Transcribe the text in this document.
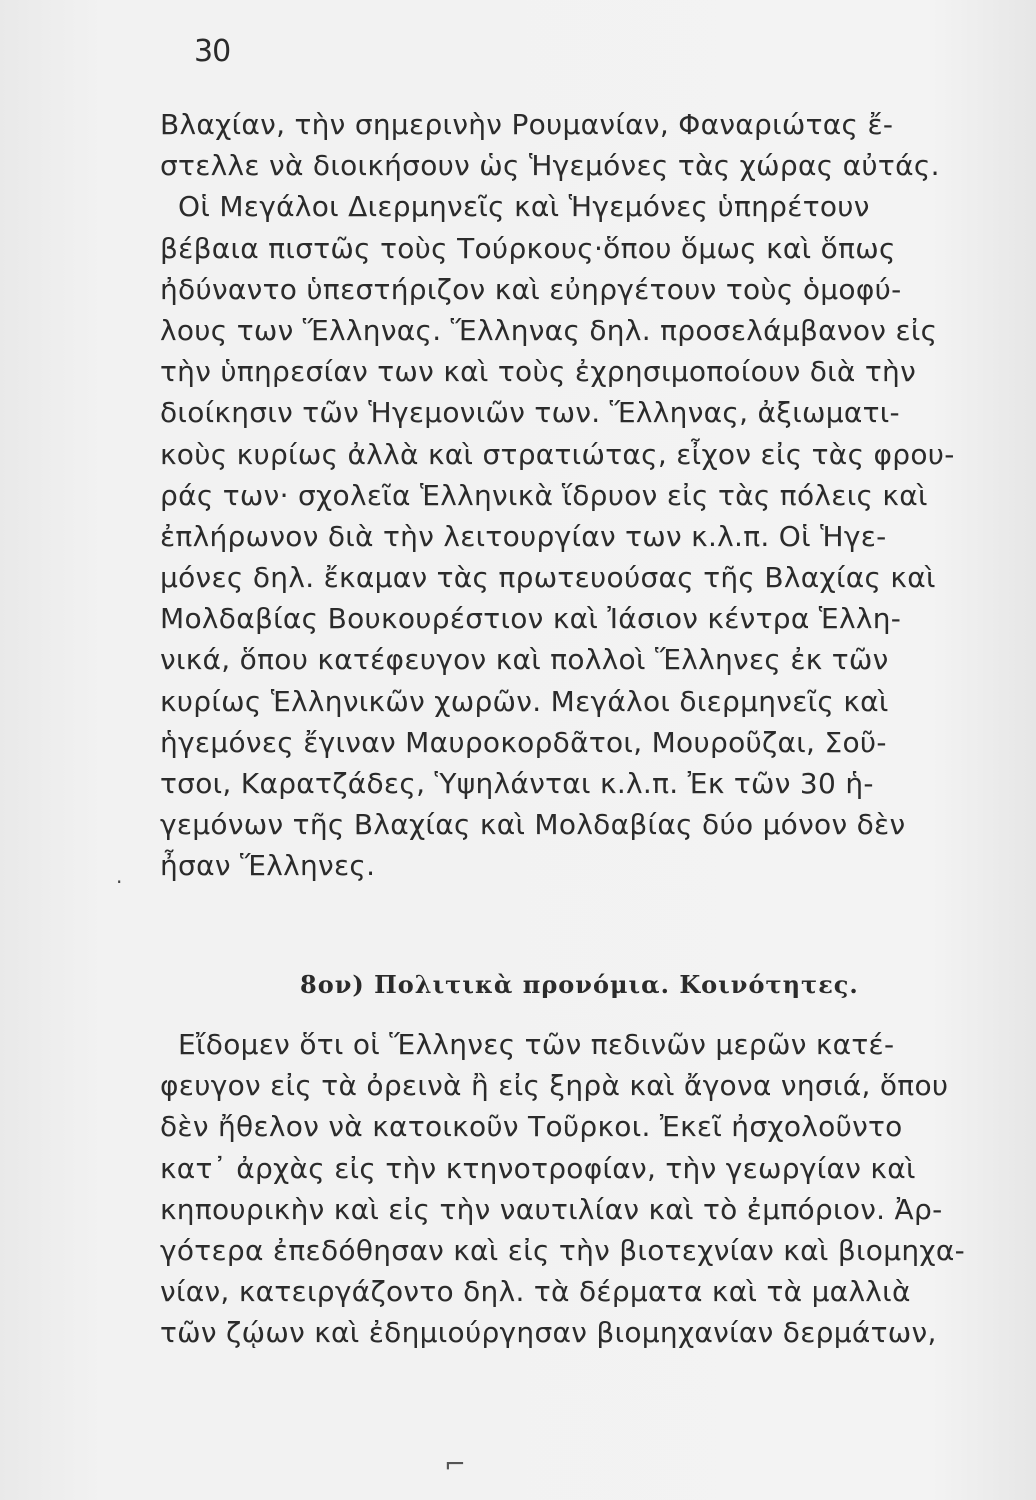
30
Βλαχίαν, τὴν σημερινὴν Ρουμανίαν, Φαναριώτας ἔ-
στελλε νὰ διοικήσουν ὡς Ἡγεμόνες τὰς χώρας αὐτάς.
Οἱ Μεγάλοι Διερμηνεῖς καὶ Ἡγεμόνες ὑπηρέτουν
βέβαια πιστῶς τοὺς Τούρκους·ὅπου ὅμως καὶ ὅπως
ἠδύναντο ὑπεστήριζον καὶ εὐηργέτουν τοὺς ὁμοφύ-
λους των Ἕλληνας. Ἕλληνας δηλ. προσελάμβανον εἰς
τὴν ὑπηρεσίαν των καὶ τοὺς ἐχρησιμοποίουν διὰ τὴν
διοίκησιν τῶν Ἡγεμονιῶν των. Ἕλληνας, ἀξιωματι-
κοὺς κυρίως ἀλλὰ καὶ στρατιώτας, εἶχον εἰς τὰς φρου-
ράς των· σχολεῖα Ἑλληνικὰ ἵδρυον εἰς τὰς πόλεις καὶ
ἐπλήρωνον διὰ τὴν λειτουργίαν των κ.λ.π. Οἱ Ἡγε-
μόνες δηλ. ἔκαμαν τὰς πρωτευούσας τῆς Βλαχίας καὶ
Μολδαβίας Βουκουρέστιον καὶ Ἰάσιον κέντρα Ἑλλη-
νικά, ὅπου κατέφευγον καὶ πολλοὶ Ἕλληνες ἐκ τῶν
κυρίως Ἑλληνικῶν χωρῶν. Μεγάλοι διερμηνεῖς καὶ
ἡγεμόνες ἔγιναν Μαυροκορδᾶτοι, Μουροῦζαι, Σοῦ-
τσοι, Καρατζάδες, Ὑψηλάνται κ.λ.π. Ἐκ τῶν 30 ἡ-
γεμόνων τῆς Βλαχίας καὶ Μολδαβίας δύο μόνον δὲν
ἦσαν Ἕλληνες.
8ον) Πολιτικὰ προνόμια. Κοινότητες.
Εἴδομεν ὅτι οἱ Ἕλληνες τῶν πεδινῶν μερῶν κατέ-
φευγον εἰς τὰ ὀρεινὰ ἢ εἰς ξηρὰ καὶ ἄγονα νησιά, ὅπου
δὲν ἤθελον νὰ κατοικοῦν Τοῦρκοι. Ἐκεῖ ἠσχολοῦντο
κατ᾽ ἀρχὰς εἰς τὴν κτηνοτροφίαν, τὴν γεωργίαν καὶ
κηπουρικὴν καὶ εἰς τὴν ναυτιλίαν καὶ τὸ ἐμπόριον. Ἀρ-
γότερα ἐπεδόθησαν καὶ εἰς τὴν βιοτεχνίαν καὶ βιομηχα-
νίαν, κατειργάζοντο δηλ. τὰ δέρματα καὶ τὰ μαλλιὰ
τῶν ζῴων καὶ ἐδημιούργησαν βιομηχανίαν δερμάτων,
·
⌐
